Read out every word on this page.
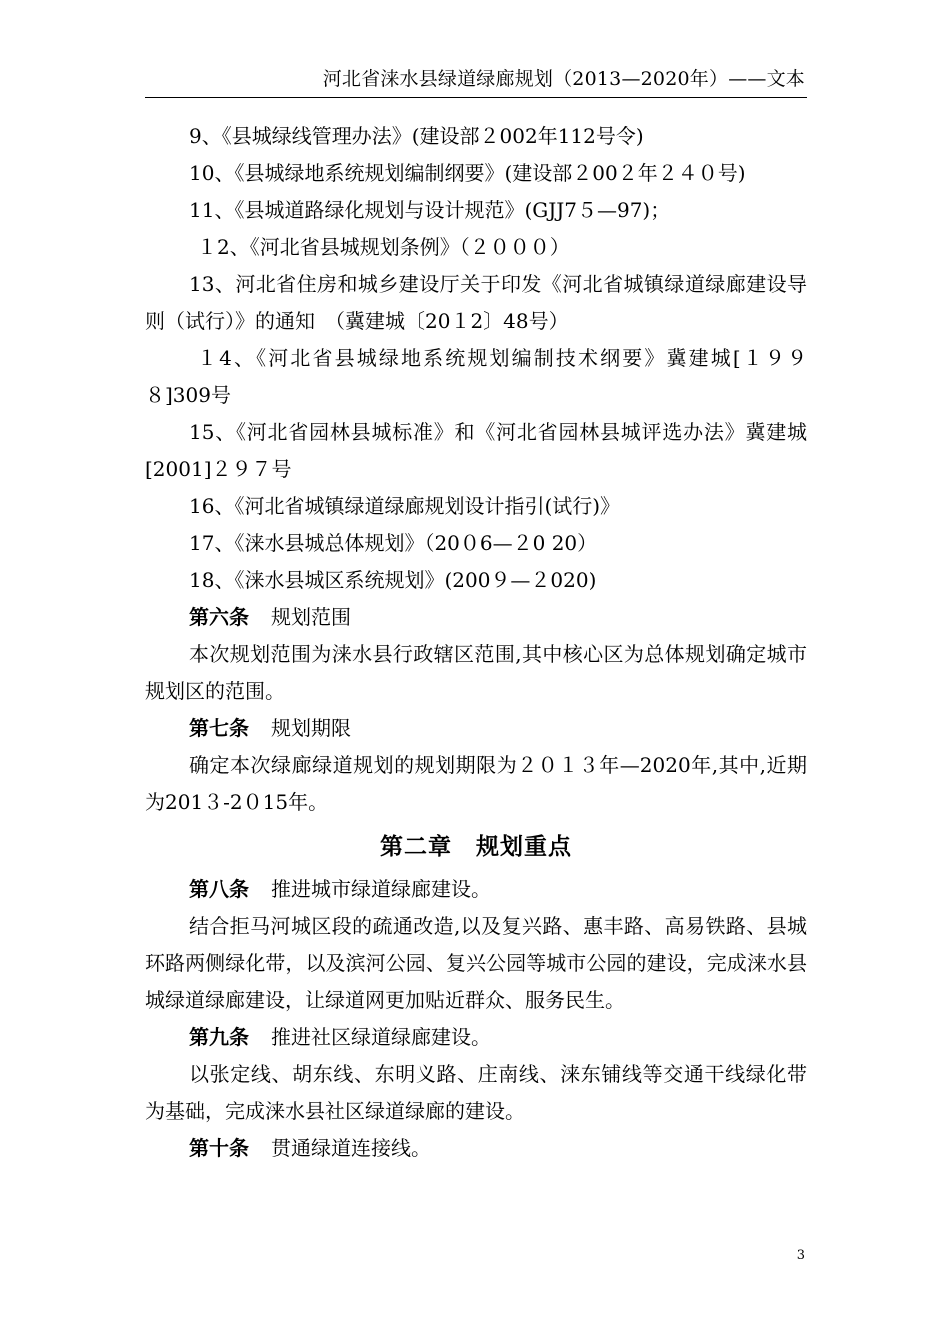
河北省涞水县绿道绿廊规划（2013—2020年）——文本

9、《县城绿线管理办法》(建设部２002年112号令)

10、《县城绿地系统规划编制纲要》(建设部２00２年２４０号)

11、《县城道路绿化规划与设计规范》(GJJ7５—97)；

１2、《河北省县城规划条例》（２０００）

13、河北省住房和城乡建设厅关于印发《河北省城镇绿道绿廊建设导则（试行）》的通知　（冀建城〔20１2〕48号）

１4、《河北省县城绿地系统规划编制技术纲要》冀建城[１９９８]309号

15、《河北省园林县城标准》和《河北省园林县城评选办法》冀建城[2001]２９７号

16、《河北省城镇绿道绿廊规划设计指引(试行)》

17、《涞水县城总体规划》（20０6—２0 20）

18、《涞水县城区系统规划》(200９—２020)

第六条 规划范围

本次规划范围为涞水县行政辖区范围,其中核心区为总体规划确定城市规划区的范围。

第七条 规划期限

确定本次绿廊绿道规划的规划期限为２０１３年—2020年,其中,近期为201３-2０15年。

第二章　规划重点

第八条 推进城市绿道绿廊建设。

结合拒马河城区段的疏通改造,以及复兴路、惠丰路、高易铁路、县城环路两侧绿化带，以及滨河公园、复兴公园等城市公园的建设，完成涞水县城绿道绿廊建设，让绿道网更加贴近群众、服务民生。

第九条 推进社区绿道绿廊建设。

以张定线、胡东线、东明义路、庄南线、涞东铺线等交通干线绿化带为基础，完成涞水县社区绿道绿廊的建设。

第十条 贯通绿道连接线。

3
